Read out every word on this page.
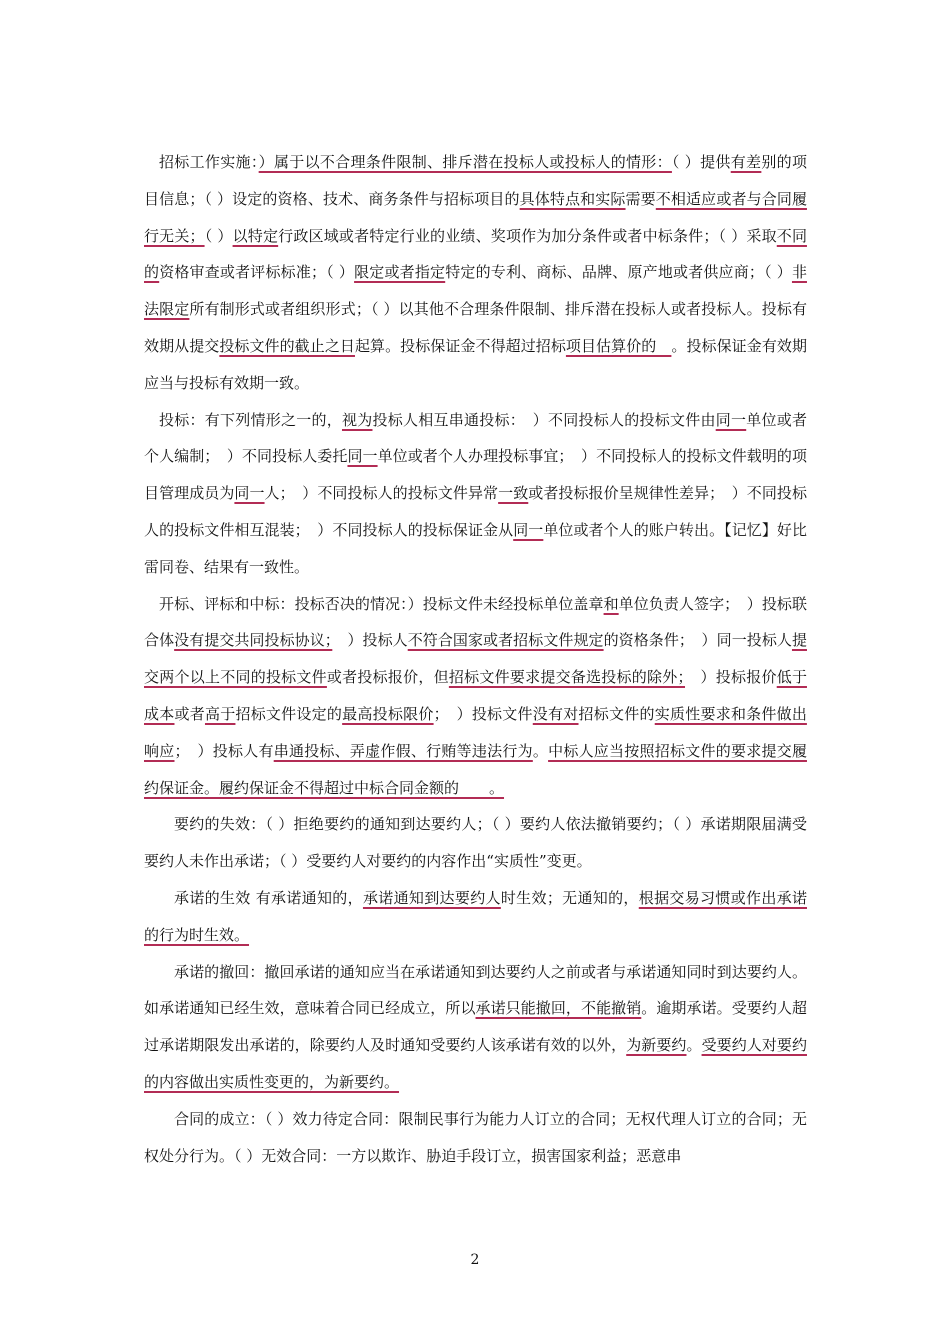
招标工作实施：）属于以不合理条件限制、排斥潜在投标人或投标人的情形：（ ）提供有差别的项目信息；（ ）设定的资格、技术、商务条件与招标项目的具体特点和实际需要不相适应或者与合同履行无关；（ ）以特定行政区域或者特定行业的业绩、奖项作为加分条件或者中标条件；（ ）采取不同的资格审查或者评标标准；（ ）限定或者指定特定的专利、商标、品牌、原产地或者供应商；（ ）非法限定所有制形式或者组织形式；（ ）以其他不合理条件限制、排斥潜在投标人或者投标人。投标有效期从提交投标文件的截止之日起算。投标保证金不得超过招标项目估算价的　。投标保证金有效期应当与投标有效期一致。

投标：有下列情形之一的，视为投标人相互串通投标：　）不同投标人的投标文件由同一单位或者个人编制；　）不同投标人委托同一单位或者个人办理投标事宜；　）不同投标人的投标文件载明的项目管理成员为同一人；　）不同投标人的投标文件异常一致或者投标报价呈规律性差异；　）不同投标人的投标文件相互混装；　）不同投标人的投标保证金从同一单位或者个人的账户转出。【记忆】好比雷同卷、结果有一致性。

开标、评标和中标：投标否决的情况：）投标文件未经投标单位盖章和单位负责人签字；　）投标联合体没有提交共同投标协议；　）投标人不符合国家或者招标文件规定的资格条件；　）同一投标人提交两个以上不同的投标文件或者投标报价，但招标文件要求提交备选投标的除外；　）投标报价低于成本或者高于招标文件设定的最高投标限价；　）投标文件没有对招标文件的实质性要求和条件做出响应；　）投标人有串通投标、弄虚作假、行贿等违法行为。中标人应当按照招标文件的要求提交履约保证金。履约保证金不得超过中标合同金额的　　。

要约的失效：（ ）拒绝要约的通知到达要约人；（ ）要约人依法撤销要约；（ ）承诺期限届满受要约人未作出承诺；（ ）受要约人对要约的内容作出“实质性”变更。

承诺的生效 有承诺通知的，承诺通知到达要约人时生效；无通知的，根据交易习惯或作出承诺的行为时生效。

承诺的撤回：撤回承诺的通知应当在承诺通知到达要约人之前或者与承诺通知同时到达要约人。如承诺通知已经生效，意味着合同已经成立，所以承诺只能撤回，不能撤销。逾期承诺。受要约人超过承诺期限发出承诺的，除要约人及时通知受要约人该承诺有效的以外，为新要约。受要约人对要约的内容做出实质性变更的，为新要约。

合同的成立：（ ）效力待定合同：限制民事行为能力人订立的合同；无权代理人订立的合同；无权处分行为。（ ）无效合同：一方以欺诈、胁迫手段订立，损害国家利益；恶意串

2
